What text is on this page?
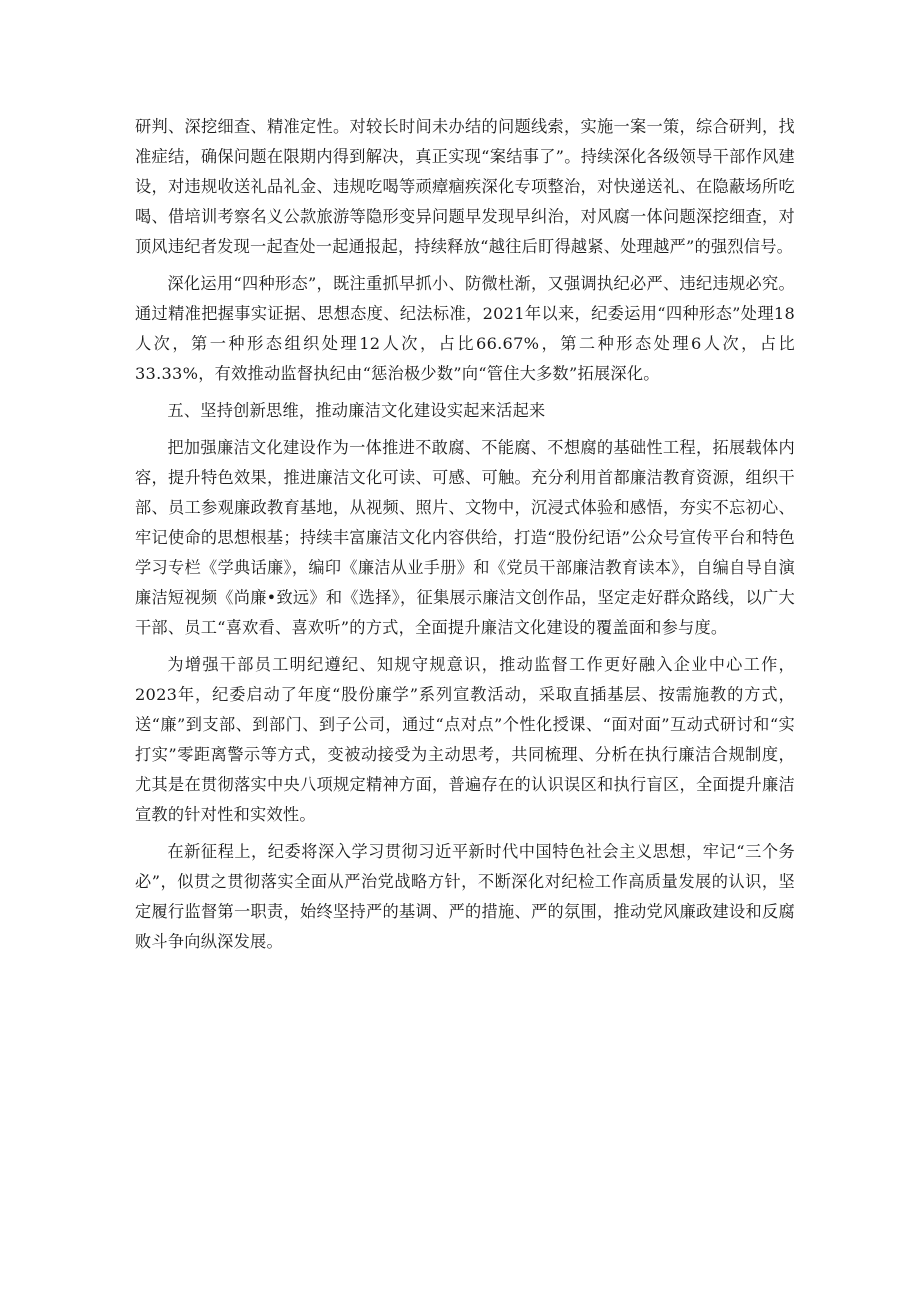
研判、深挖细查、精准定性。对较长时间未办结的问题线索，实施一案一策，综合研判，找准症结，确保问题在限期内得到解决，真正实现“案结事了”。持续深化各级领导干部作风建设，对违规收送礼品礼金、违规吃喝等顽瘴痼疾深化专项整治，对快递送礼、在隐蔽场所吃喝、借培训考察名义公款旅游等隐形变异问题早发现早纠治，对风腐一体问题深挖细查，对顶风违纪者发现一起查处一起通报起，持续释放“越往后盯得越紧、处理越严”的强烈信号。

深化运用“四种形态”，既注重抓早抓小、防微杜渐，又强调执纪必严、违纪违规必究。通过精准把握事实证据、思想态度、纪法标准，2021年以来，纪委运用“四种形态”处理18人次，第一种形态组织处理12人次，占比66.67%，第二种形态处理6人次，占比33.33%，有效推动监督执纪由“惩治极少数”向“管住大多数”拓展深化。

五、坚持创新思维，推动廉洁文化建设实起来活起来

把加强廉洁文化建设作为一体推进不敢腐、不能腐、不想腐的基础性工程，拓展载体内容，提升特色效果，推进廉洁文化可读、可感、可触。充分利用首都廉洁教育资源，组织干部、员工参观廉政教育基地，从视频、照片、文物中，沉浸式体验和感悟，夯实不忘初心、牢记使命的思想根基；持续丰富廉洁文化内容供给，打造“股份纪语”公众号宣传平台和特色学习专栏《学典话廉》，编印《廉洁从业手册》和《党员干部廉洁教育读本》，自编自导自演廉洁短视频《尚廉•致远》和《选择》，征集展示廉洁文创作品，坚定走好群众路线，以广大干部、员工“喜欢看、喜欢听”的方式，全面提升廉洁文化建设的覆盖面和参与度。

为增强干部员工明纪遵纪、知规守规意识，推动监督工作更好融入企业中心工作，2023年，纪委启动了年度“股份廉学”系列宣教活动，采取直插基层、按需施教的方式，送“廉”到支部、到部门、到子公司，通过“点对点”个性化授课、“面对面”互动式研讨和“实打实”零距离警示等方式，变被动接受为主动思考，共同梳理、分析在执行廉洁合规制度，尤其是在贯彻落实中央八项规定精神方面，普遍存在的认识误区和执行盲区，全面提升廉洁宣教的针对性和实效性。

在新征程上，纪委将深入学习贯彻习近平新时代中国特色社会主义思想，牢记“三个务必”，似贯之贯彻落实全面从严治党战略方针，不断深化对纪检工作高质量发展的认识，坚定履行监督第一职责，始终坚持严的基调、严的措施、严的氛围，推动党风廉政建设和反腐败斗争向纵深发展。
